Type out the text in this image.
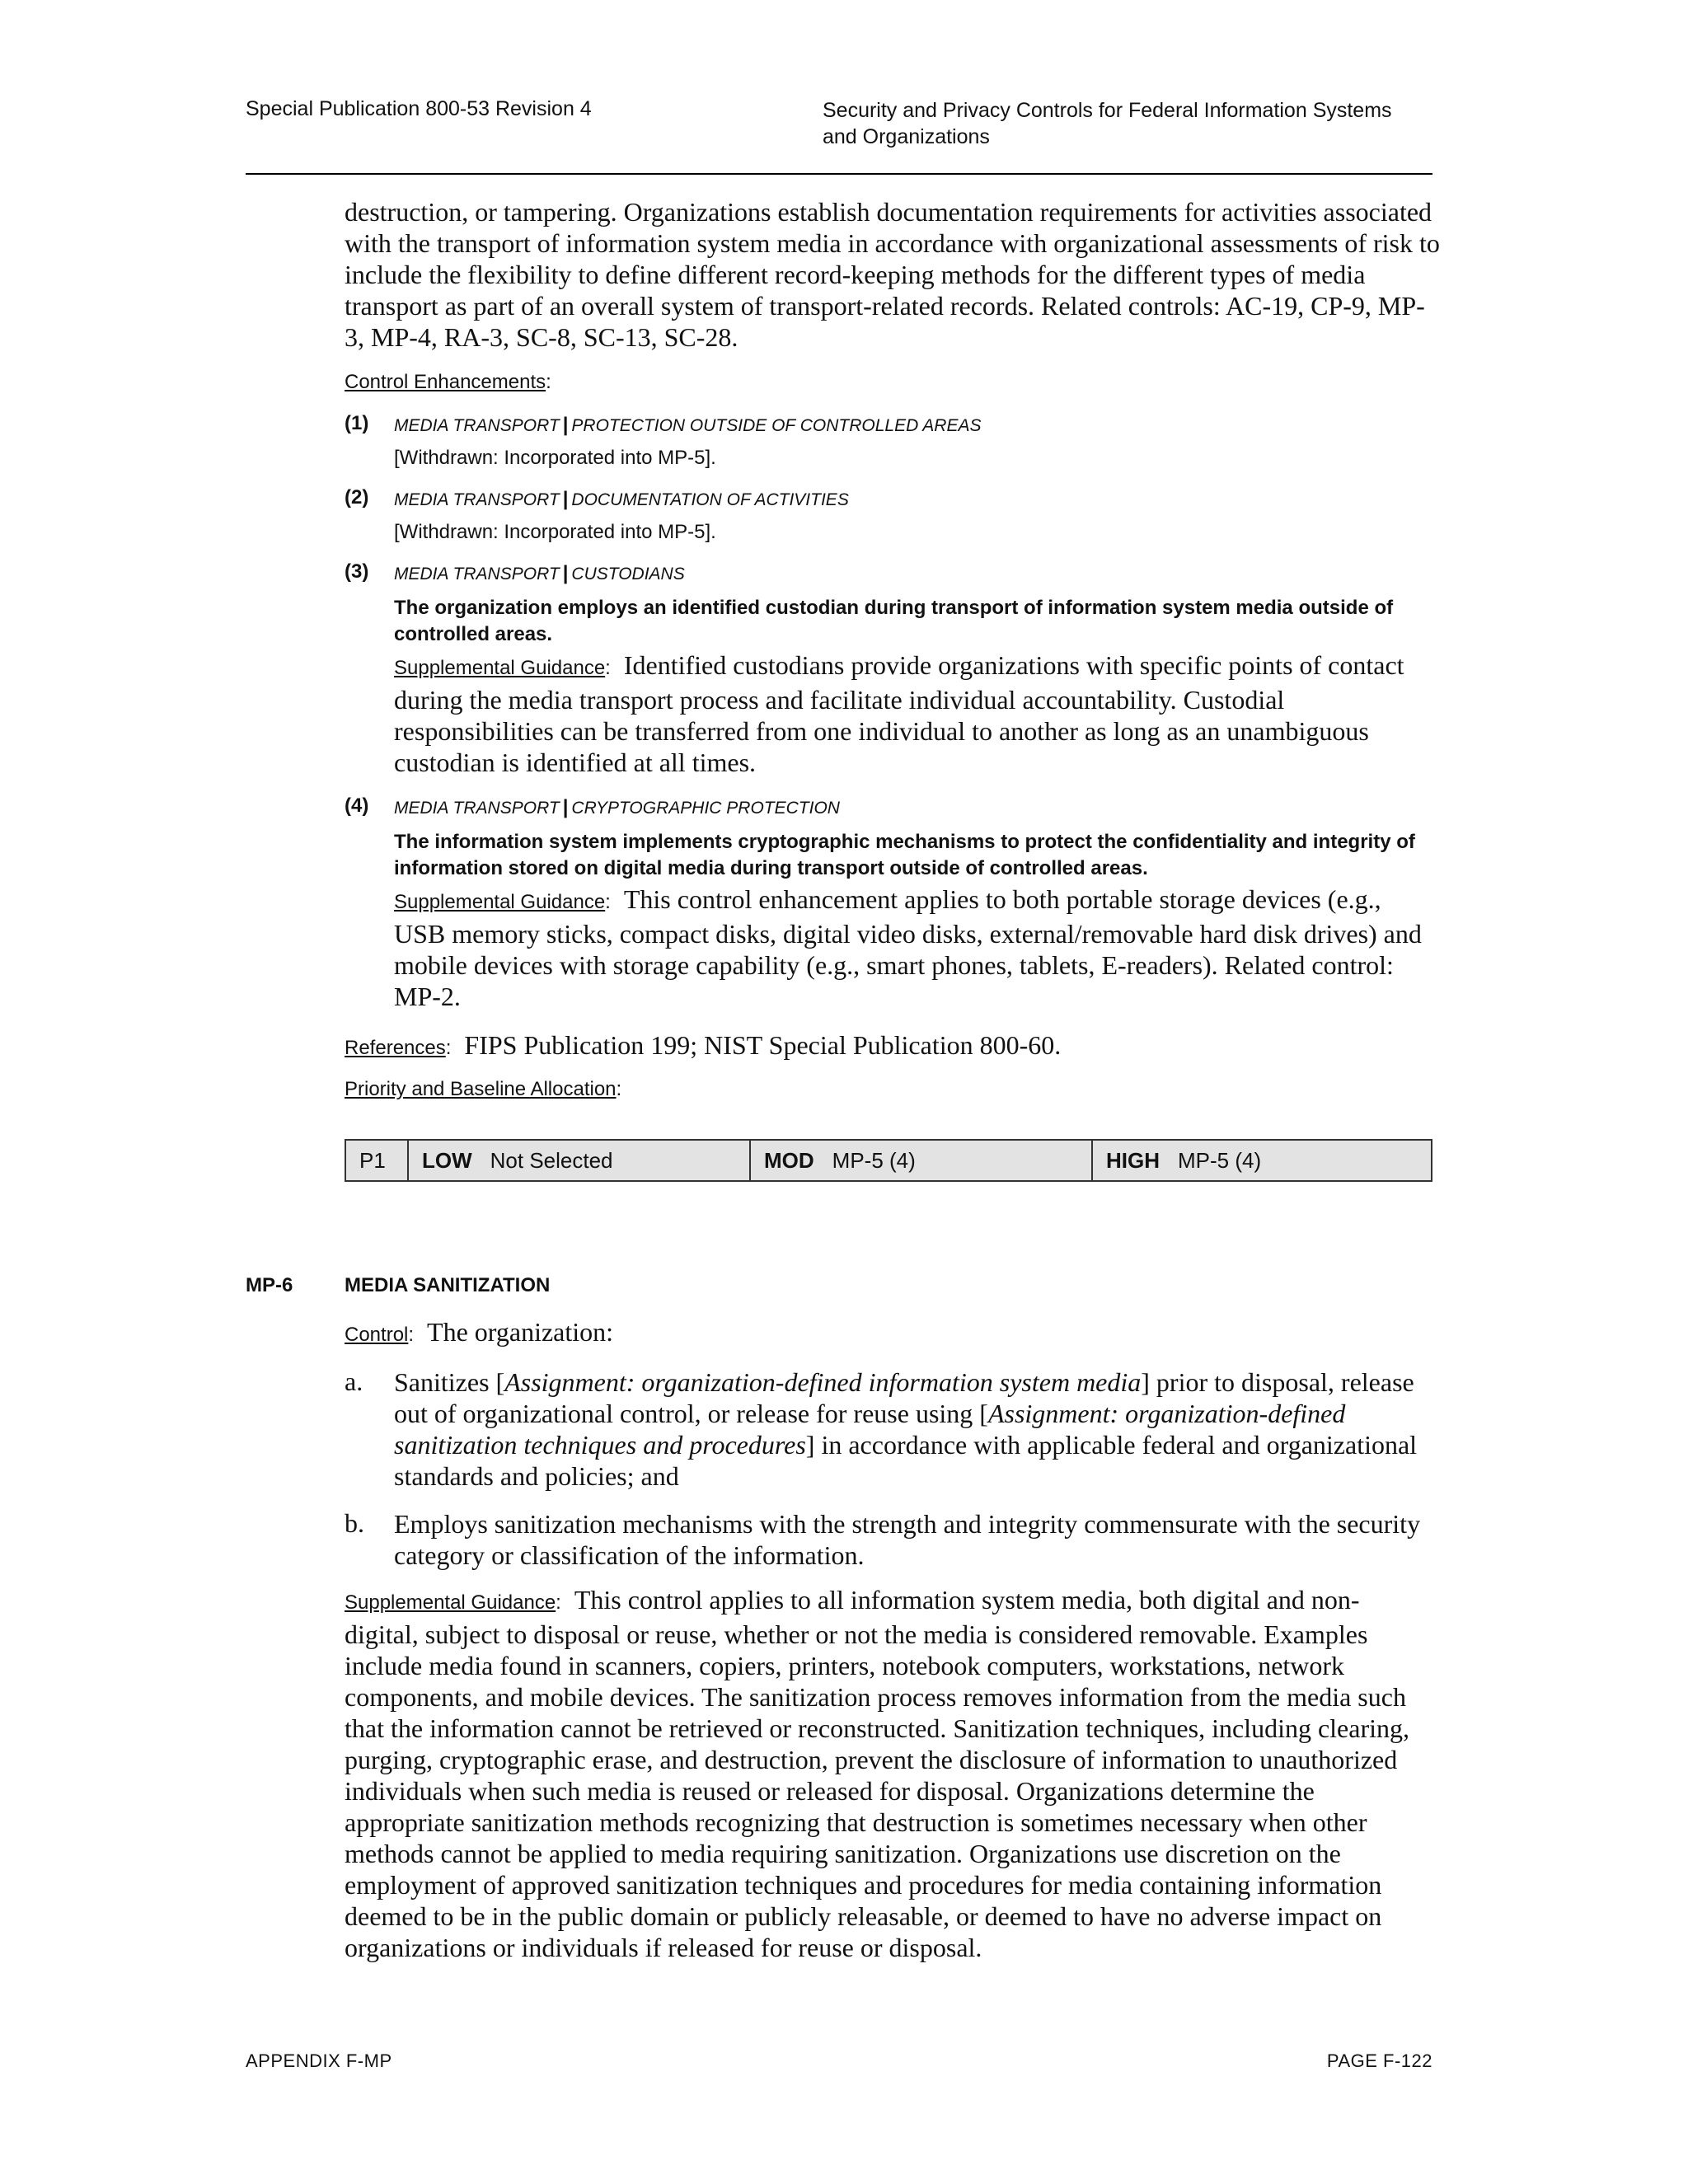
Special Publication 800-53 Revision 4	Security and Privacy Controls for Federal Information Systems
and Organizations

destruction, or tampering. Organizations establish documentation requirements for activities associated with the transport of information system media in accordance with organizational assessments of risk to include the flexibility to define different record-keeping methods for the different types of media transport as part of an overall system of transport-related records. Related controls: AC-19, CP-9, MP-3, MP-4, RA-3, SC-8, SC-13, SC-28.

Control Enhancements:
(1) MEDIA TRANSPORT | PROTECTION OUTSIDE OF CONTROLLED AREAS
[Withdrawn: Incorporated into MP-5].
(2) MEDIA TRANSPORT | DOCUMENTATION OF ACTIVITIES
[Withdrawn: Incorporated into MP-5].
(3) MEDIA TRANSPORT | CUSTODIANS
The organization employs an identified custodian during transport of information system media outside of controlled areas.

Supplemental Guidance: Identified custodians provide organizations with specific points of contact during the media transport process and facilitate individual accountability. Custodial responsibilities can be transferred from one individual to another as long as an unambiguous custodian is identified at all times.

(4) MEDIA TRANSPORT | CRYPTOGRAPHIC PROTECTION
The information system implements cryptographic mechanisms to protect the confidentiality and integrity of information stored on digital media during transport outside of controlled areas.

Supplemental Guidance: This control enhancement applies to both portable storage devices (e.g., USB memory sticks, compact disks, digital video disks, external/removable hard disk drives) and mobile devices with storage capability (e.g., smart phones, tablets, E-readers). Related control: MP-2.

References: FIPS Publication 199; NIST Special Publication 800-60.
Priority and Baseline Allocation:
P1 LOW Not Selected	MOD MP-5 (4)	HIGH MP-5 (4)
MP-6	MEDIA SANITIZATION
Control: The organization:
a. Sanitizes [Assignment: organization-defined information system media] prior to disposal, release out of organizational control, or release for reuse using [Assignment: organization-defined sanitization techniques and procedures] in accordance with applicable federal and organizational standards and policies; and

b. Employs sanitization mechanisms with the strength and integrity commensurate with the security category or classification of the information.

Supplemental Guidance: This control applies to all information system media, both digital and non-digital, subject to disposal or reuse, whether or not the media is considered removable. Examples include media found in scanners, copiers, printers, notebook computers, workstations, network components, and mobile devices. The sanitization process removes information from the media such that the information cannot be retrieved or reconstructed. Sanitization techniques, including clearing, purging, cryptographic erase, and destruction, prevent the disclosure of information to unauthorized individuals when such media is reused or released for disposal. Organizations determine the appropriate sanitization methods recognizing that destruction is sometimes necessary when other methods cannot be applied to media requiring sanitization. Organizations use discretion on the employment of approved sanitization techniques and procedures for media containing information deemed to be in the public domain or publicly releasable, or deemed to have no adverse impact on organizations or individuals if released for reuse or disposal.

APPENDIX F-MP	PAGE F-122
